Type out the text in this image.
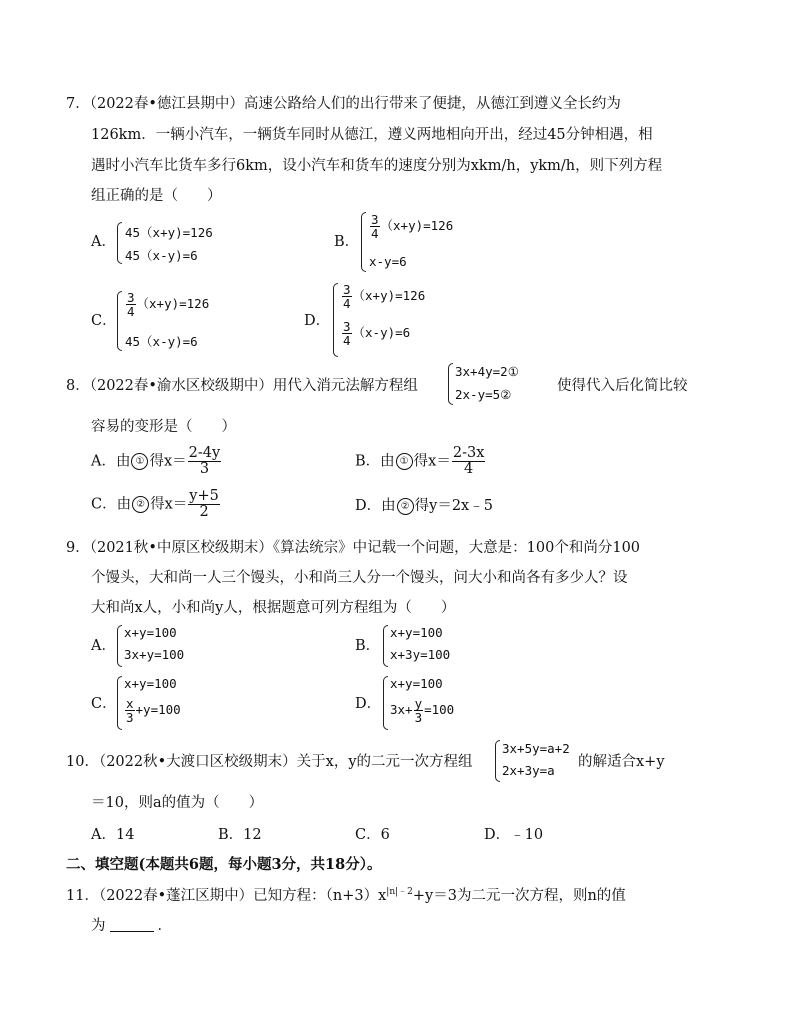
7．（2022春•德江县期中）高速公路给人们的出行带来了便捷，从德江到遵义全长约为
126km．一辆小汽车，一辆货车同时从德江，遵义两地相向开出，经过45分钟相遇，相
遇时小汽车比货车多行6km，设小汽车和货车的速度分别为xkm/h，ykm/h，则下列方程
组正确的是（　　）
A．
45（x+y)=126
45（x-y)=6
B．
$\frac{3}{4} (x+y)=126$
x-y=6
C．
$\frac{3}{4} (x+y)=126$
45（x-y)=6
D．
$\frac{3}{4} (x+y)=126$
$\frac{3}{4} (x-y)=6$
8．（2022春•渝水区校级期中）用代入消元法解方程组
3x+4y=2①
2x-y=5②
使得代入后化简比较
容易的变形是（　　）
A．由 ① 得$x= \frac{2-4y}{3}$	B．由 ① 得$x= \frac{2-3x}{4}$
C．由 ② 得$x= \frac{y+5}{2}$	D．由 ② 得y＝2x﹣5
9．（2021秋•中原区校级期末）《算法统宗》中记载一个问题，大意是：100个和尚分100
个馒头，大和尚一人三个馒头，小和尚三人分一个馒头，问大小和尚各有多少人？设
大和尚x人，小和尚y人，根据题意可列方程组为（　　）
A．
x+y=100
3x+y=100
B．
x+y=100
x+3y=100
C．
x+y=100
$\frac{x}{3} +y=100$	D．
x+y=100
$3x+ \frac{y}{3} =100$
10．（2022秋•大渡口区校级期末）关于x，y的二元一次方程组
3x+5y=a+2
2x+3y=a
的解适合x+y
＝10，则a的值为（　　）
A．14	B．12	C．6	D．﹣10
二、填空题(本题共6题，每小题3分，共18分）。
11．（2022春•蓬江区期中）已知方程：$(n+3)x^{|n|﹣2}+y=3$为二元一次方程，则n的值
为	．
